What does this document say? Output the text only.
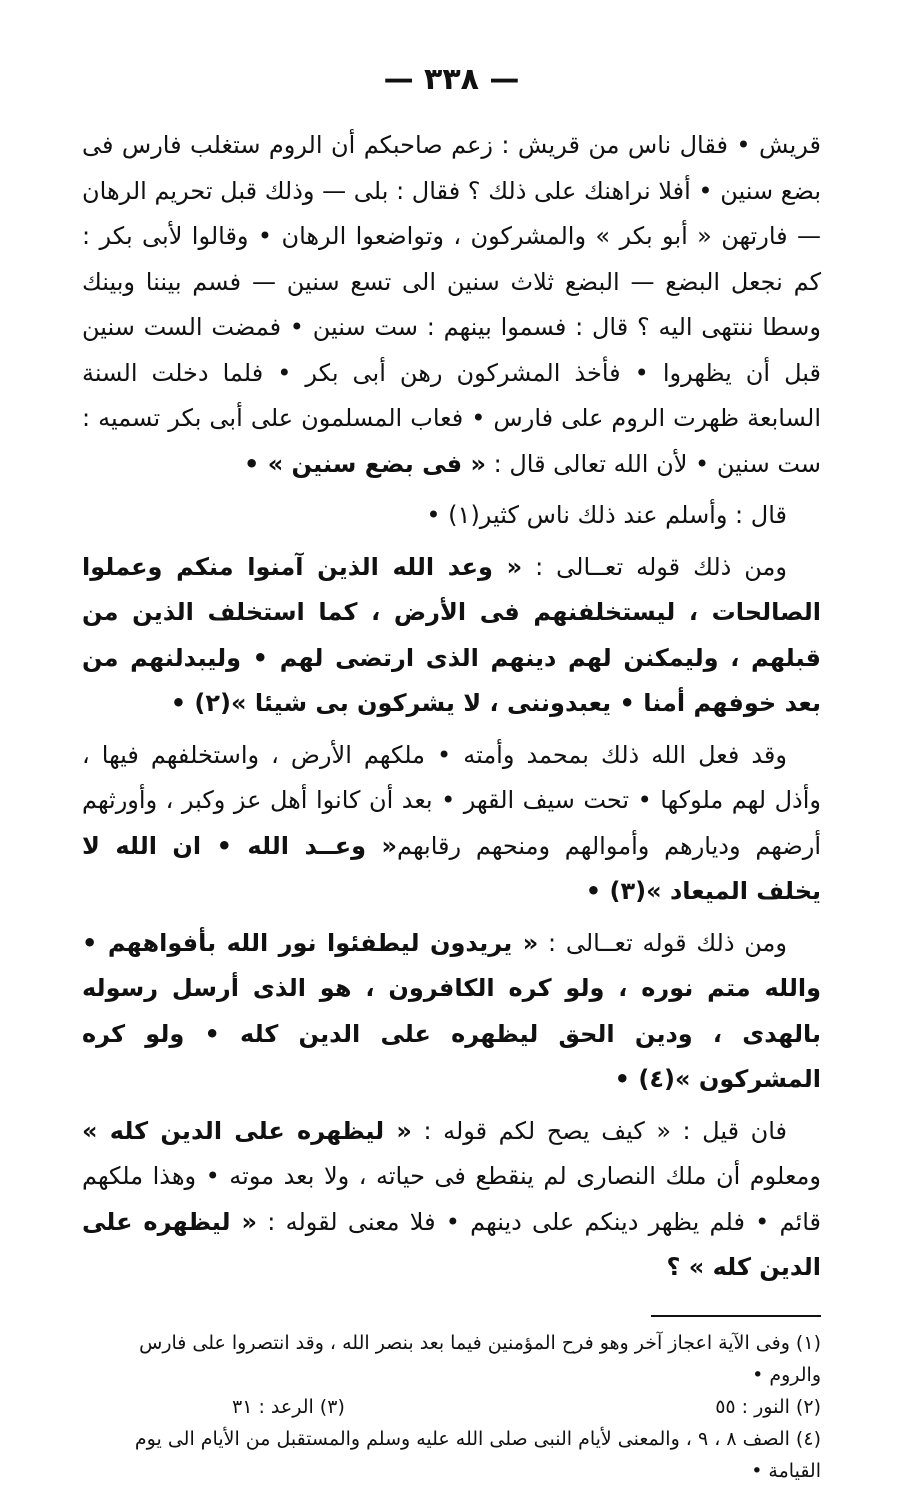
— ٣٣٨ —

قريش • فقال ناس من قريش : زعم صاحبكم أن الروم ستغلب فارس فى بضع سنين • أفلا نراهنك على ذلك ؟ فقال : بلى — وذلك قبل تحريم الرهان — فارتهن « أبو بكر » والمشركون ، وتواضعوا الرهان • وقالوا لأبى بكر : كم نجعل البضع — البضع ثلاث سنين الى تسع سنين — فسم بيننا وبينك وسطا ننتهى اليه ؟ قال : فسموا بينهم : ست سنين • فمضت الست سنين قبل أن يظهروا • فأخذ المشركون رهن أبى بكر • فلما دخلت السنة السابعة ظهرت الروم على فارس • فعاب المسلمون على أبى بكر تسميه : ست سنين • لأن الله تعالى قال : « فى بضع سنين » •

قال : وأسلم عند ذلك ناس كثير(١) •

ومن ذلك قوله تعــالى : « وعد الله الذين آمنوا منكم وعملوا الصالحات ، ليستخلفنهم فى الأرض ، كما استخلف الذين من قبلهم ، وليمكنن لهم دينهم الذى ارتضى لهم • وليبدلنهم من بعد خوفهم أمنا • يعبدوننى ، لا يشركون بى شيئا »(٢) •

وقد فعل الله ذلك بمحمد وأمته • ملكهم الأرض ، واستخلفهم فيها ، وأذل لهم ملوكها • تحت سيف القهر • بعد أن كانوا أهل عز وكبر ، وأورثهم أرضهم وديارهم وأموالهم ومنحهم رقابهم« وعــد الله • ان الله لا يخلف الميعاد »(٣) •

ومن ذلك قوله تعــالى : « يريدون ليطفئوا نور الله بأفواههم • والله متم نوره ، ولو كره الكافرون ، هو الذى أرسل رسوله بالهدى ، ودين الحق ليظهره على الدين كله • ولو كره المشركون »(٤) •

فان قيل : « كيف يصح لكم قوله : « ليظهره على الدين كله » ومعلوم أن ملك النصارى لم ينقطع فى حياته ، ولا بعد موته • وهذا ملكهم قائم • فلم يظهر دينكم على دينهم • فلا معنى لقوله : « ليظهره على الدين كله » ؟

(١) وفى الآية اعجاز آخر وهو فرح المؤمنين فيما بعد بنصر الله ، وقد انتصروا على فارس والروم •

(٢) النور : ٥٥
(٣) الرعد : ٣١

(٤) الصف ٨ ، ٩ ، والمعنى لأيام النبى صلى الله عليه وسلم والمستقبل من الأيام الى يوم القيامة •
